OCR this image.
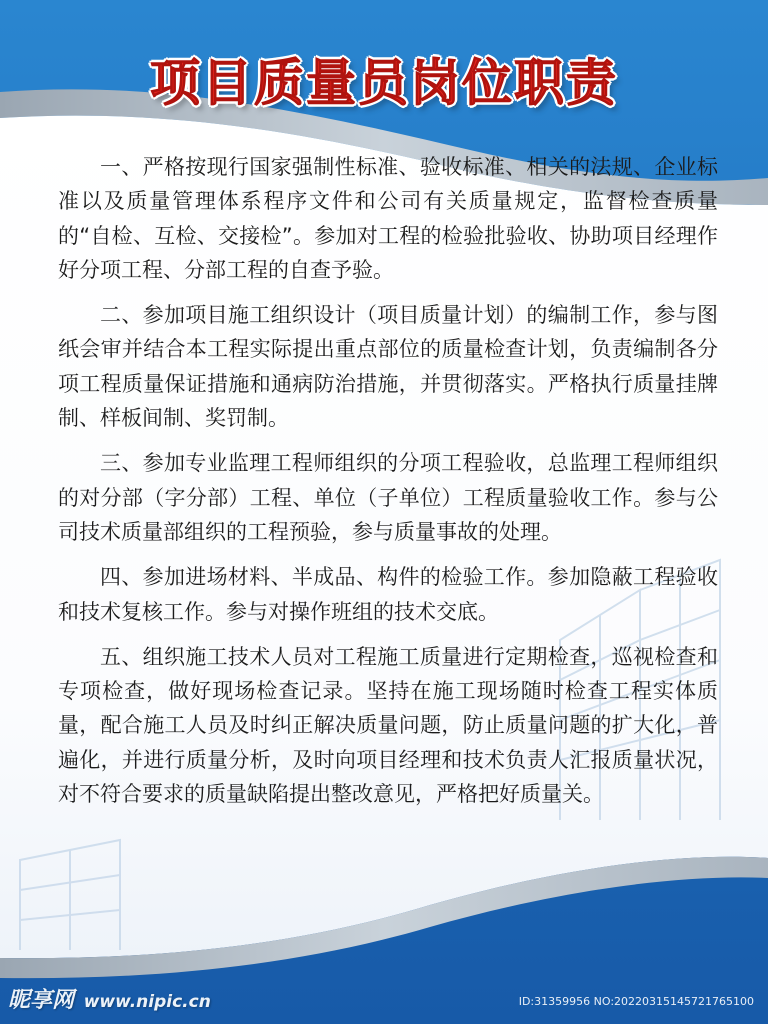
项目质量员岗位职责

一、严格按现行国家强制性标准、验收标准、相关的法规、企业标准以及质量管理体系程序文件和公司有关质量规定，监督检查质量的“自检、互检、交接检”。参加对工程的检验批验收、协助项目经理作好分项工程、分部工程的自查予验。

二、参加项目施工组织设计（项目质量计划）的编制工作，参与图纸会审并结合本工程实际提出重点部位的质量检查计划，负责编制各分项工程质量保证措施和通病防治措施，并贯彻落实。严格执行质量挂牌制、样板间制、奖罚制。

三、参加专业监理工程师组织的分项工程验收，总监理工程师组织的对分部（字分部）工程、单位（子单位）工程质量验收工作。参与公司技术质量部组织的工程预验，参与质量事故的处理。

四、参加进场材料、半成品、构件的检验工作。参加隐蔽工程验收和技术复核工作。参与对操作班组的技术交底。

五、组织施工技术人员对工程施工质量进行定期检查，巡视检查和专项检查，做好现场检查记录。坚持在施工现场随时检查工程实体质量，配合施工人员及时纠正解决质量问题，防止质量问题的扩大化，普遍化，并进行质量分析，及时向项目经理和技术负责人汇报质量状况，对不符合要求的质量缺陷提出整改意见，严格把好质量关。

昵享网 www.nipic.cn	ID:31359956 NO:20220315145721765100
